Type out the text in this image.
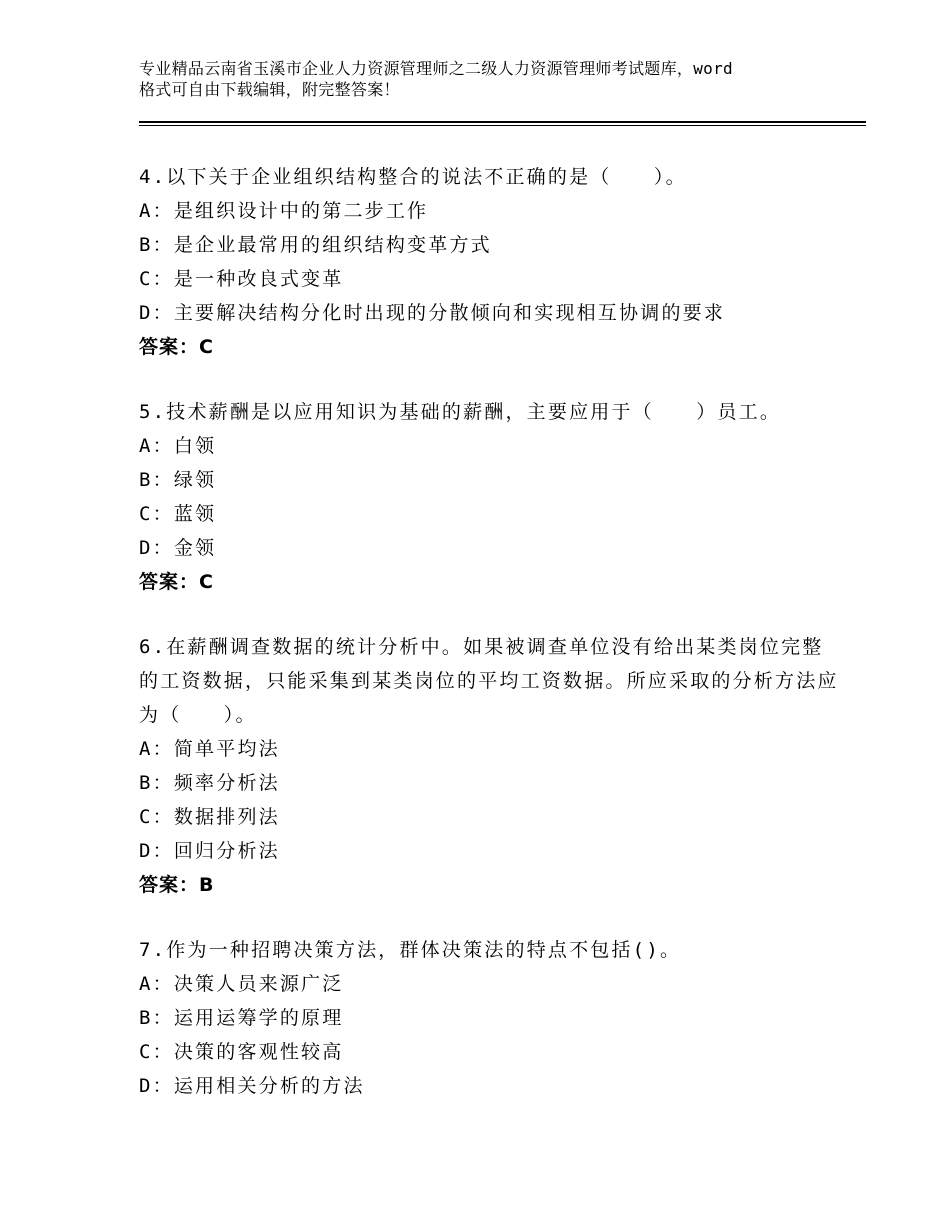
专业精品云南省玉溪市企业人力资源管理师之二级人力资源管理师考试题库，word
格式可自由下载编辑，附完整答案！
4.以下关于企业组织结构整合的说法不正确的是（　　）。
A：是组织设计中的第二步工作
B：是企业最常用的组织结构变革方式
C：是一种改良式变革
D：主要解决结构分化时出现的分散倾向和实现相互协调的要求
答案：C
5.技术薪酬是以应用知识为基础的薪酬，主要应用于（　　）员工。
A：白领
B：绿领
C：蓝领
D：金领
答案：C
6.在薪酬调查数据的统计分析中。如果被调查单位没有给出某类岗位完整的工资数据，只能采集到某类岗位的平均工资数据。所应采取的分析方法应为（　　）。
A：简单平均法
B：频率分析法
C：数据排列法
D：回归分析法
答案：B
7.作为一种招聘决策方法，群体决策法的特点不包括()。
A：决策人员来源广泛
B：运用运筹学的原理
C：决策的客观性较高
D：运用相关分析的方法
